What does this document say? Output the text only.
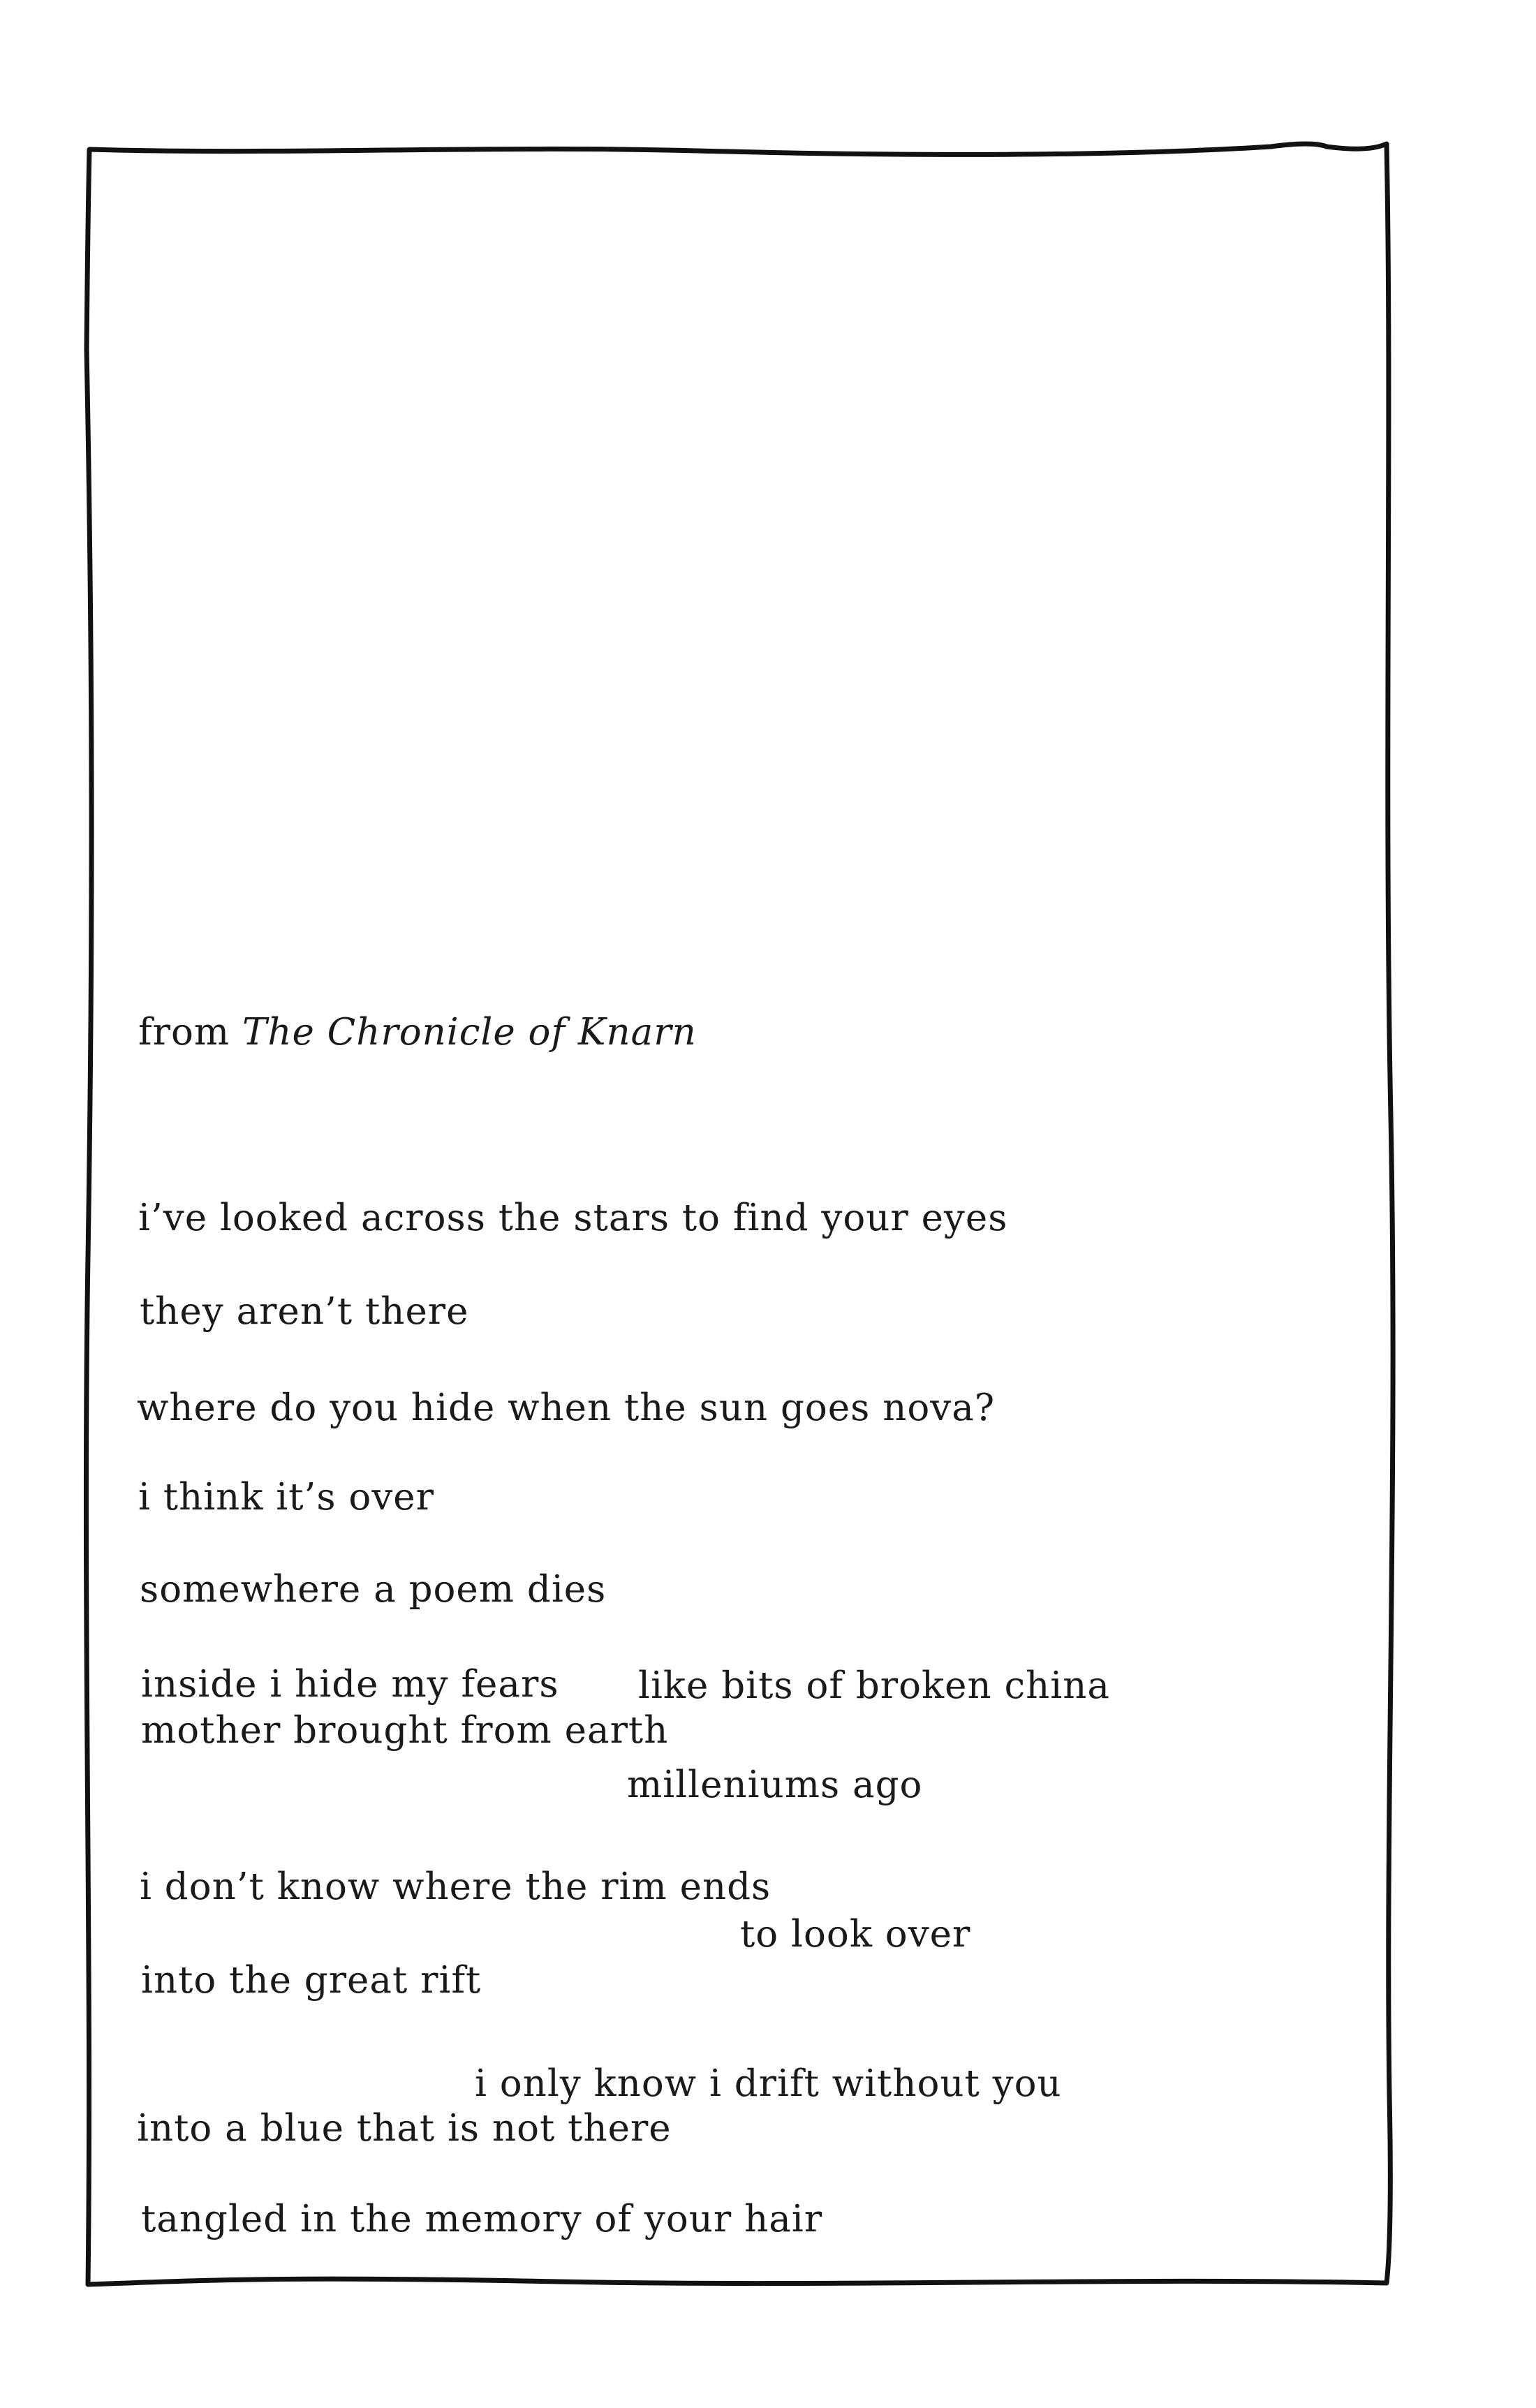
from The Chronicle of Knarn
i’ve looked across the stars to find your eyes
they aren’t there
where do you hide when the sun goes nova?
i think it’s over
somewhere a poem dies
inside i hide my fears like bits of broken china
mother brought from earth
milleniums ago
i don’t know where the rim ends
to look over
into the great rift
i only know i drift without you
into a blue that is not there
tangled in the memory of your hair
